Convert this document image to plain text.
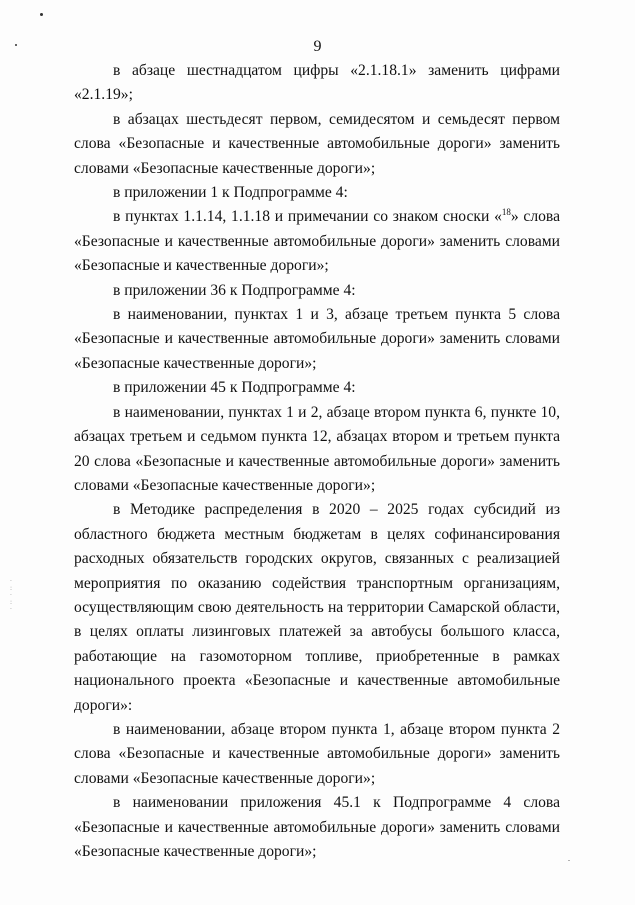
·
:
·
:
·
9

в абзаце шестнадцатом цифры «2.1.18.1» заменить цифрами «2.1.19»;

в абзацах шестьдесят первом, семидесятом и семьдесят первом слова «Безопасные и качественные автомобильные дороги» заменить словами «Безопасные качественные дороги»;

в приложении 1 к Подпрограмме 4:

в пунктах 1.1.14, 1.1.18 и примечании со знаком сноски «$^{18}$» слова «Безопасные и качественные автомобильные дороги» заменить словами «Безопасные и качественные дороги»;

в приложении 36 к Подпрограмме 4:

в наименовании, пунктах 1 и 3, абзаце третьем пункта 5 слова «Безопасные и качественные автомобильные дороги» заменить словами «Безопасные качественные дороги»;

в приложении 45 к Подпрограмме 4:

в наименовании, пунктах 1 и 2, абзаце втором пункта 6, пункте 10, абзацах третьем и седьмом пункта 12, абзацах втором и третьем пункта 20 слова «Безопасные и качественные автомобильные дороги» заменить словами «Безопасные качественные дороги»;

в Методике распределения в 2020 – 2025 годах субсидий из областного бюджета местным бюджетам в целях софинансирования расходных обязательств городских округов, связанных с реализацией мероприятия по оказанию содействия транспортным организациям, осуществляющим свою деятельность на территории Самарской области, в целях оплаты лизинговых платежей за автобусы большого класса, работающие на газомоторном топливе, приобретенные в рамках национального проекта «Безопасные и качественные автомобильные дороги»:

в наименовании, абзаце втором пункта 1, абзаце втором пункта 2 слова «Безопасные и качественные автомобильные дороги» заменить словами «Безопасные качественные дороги»;

в наименовании приложения 45.1 к Подпрограмме 4 слова «Безопасные и качественные автомобильные дороги» заменить словами «Безопасные качественные дороги»;
